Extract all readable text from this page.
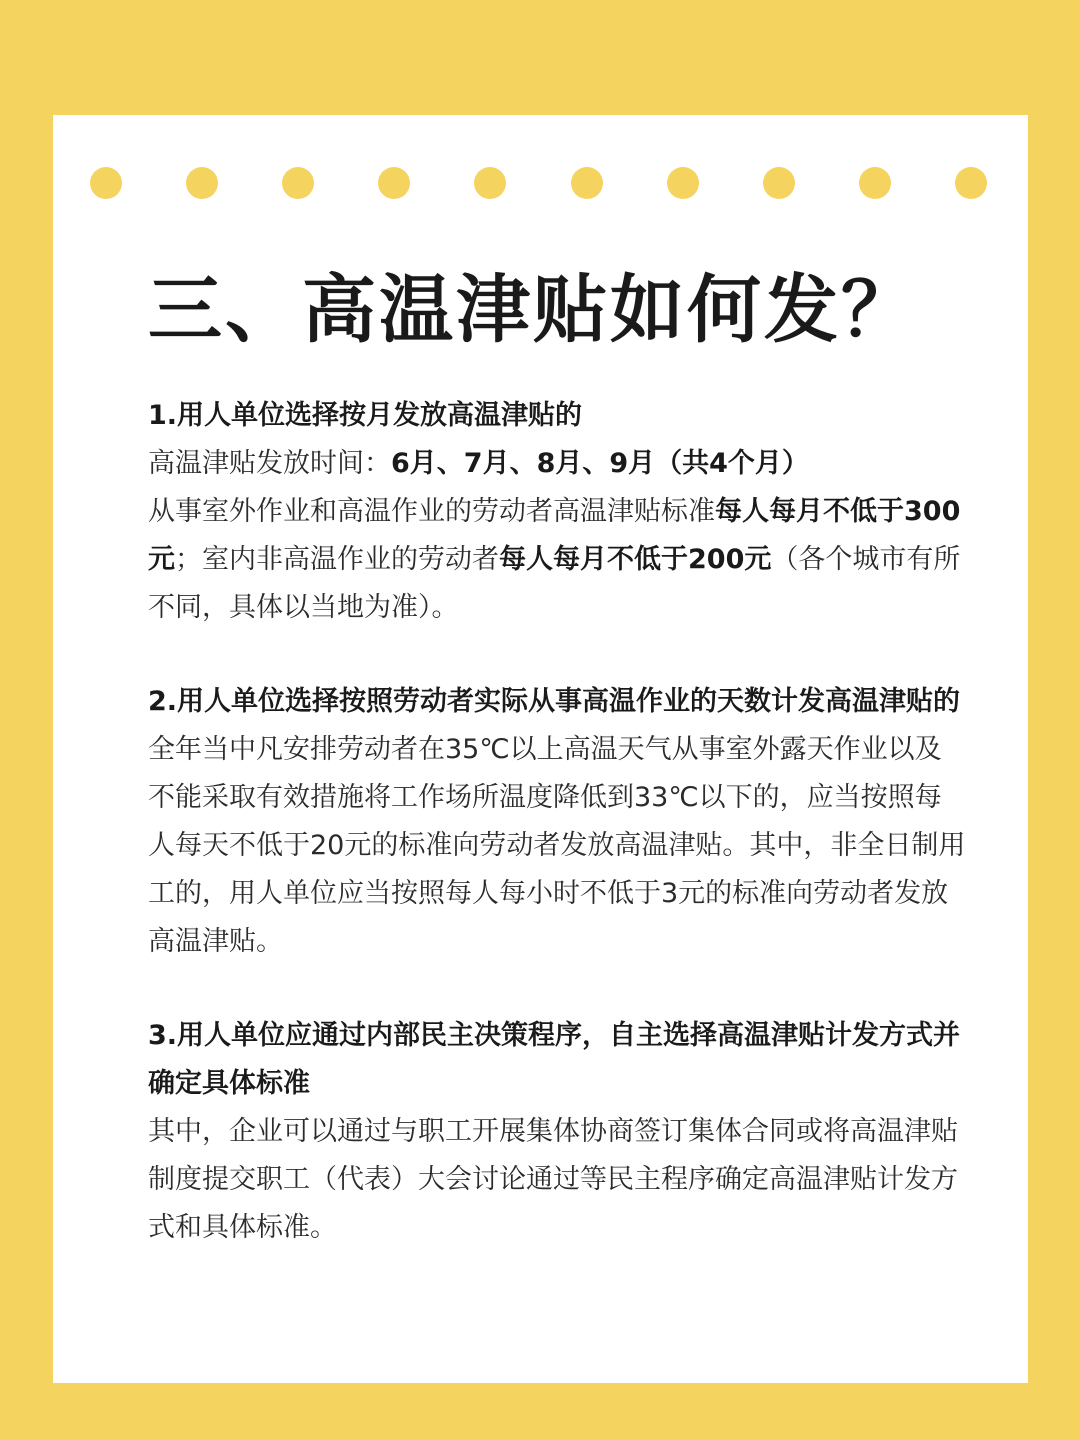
三、高温津贴如何发？

1.用人单位选择按月发放高温津贴的

高温津贴发放时间：6月、7月、8月、9月（共4个月）

从事室外作业和高温作业的劳动者高温津贴标准每人每月不低于300元；室内非高温作业的劳动者每人每月不低于200元（各个城市有所不同，具体以当地为准）。

2.用人单位选择按照劳动者实际从事高温作业的天数计发高温津贴的

全年当中凡安排劳动者在35℃以上高温天气从事室外露天作业以及不能采取有效措施将工作场所温度降低到33℃以下的，应当按照每人每天不低于20元的标准向劳动者发放高温津贴。其中，非全日制用工的，用人单位应当按照每人每小时不低于3元的标准向劳动者发放高温津贴。

3.用人单位应通过内部民主决策程序，自主选择高温津贴计发方式并确定具体标准

其中，企业可以通过与职工开展集体协商签订集体合同或将高温津贴制度提交职工（代表）大会讨论通过等民主程序确定高温津贴计发方式和具体标准。
